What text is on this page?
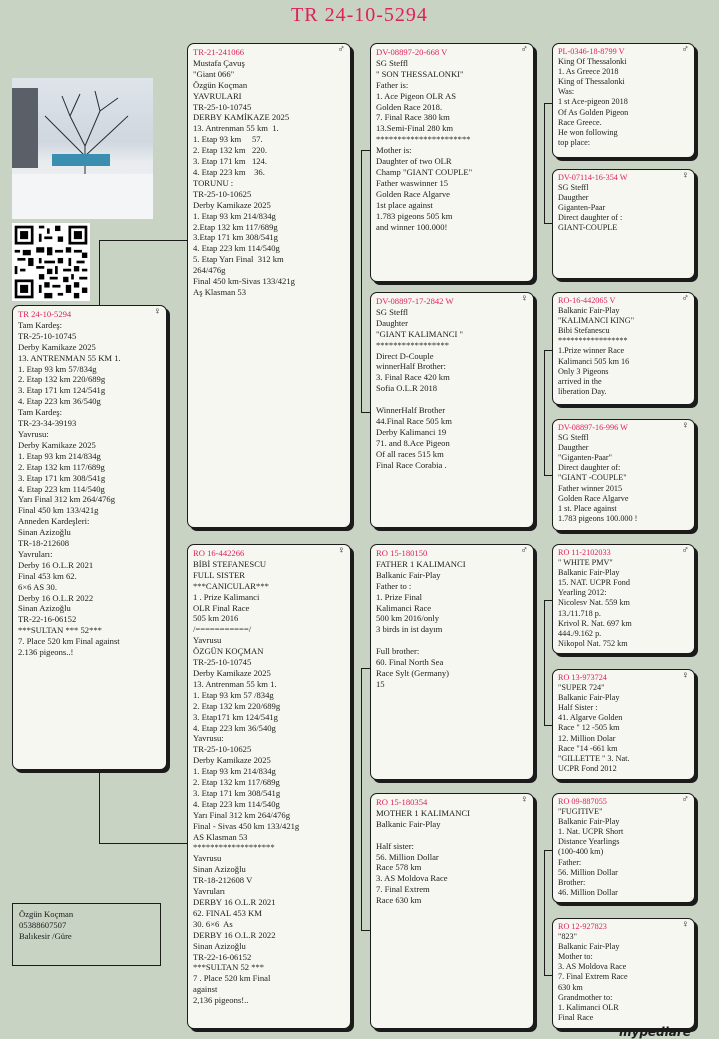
TR 24-10-5294
TR 24-10-5294	♀
Tam Kardeş:
TR-25-10-10745
Derby Kamikaze 2025
13. ANTRENMAN 55 KM 1.
1. Etap 93 km 57/834g
2. Etap 132 km 220/689g
3. Etap 171 km 124/541g
4. Etap 223 km 36/540g
Tam Kardeş:
TR-23-34-39193
Yavrusu:
Derby Kamikaze 2025
1. Etap 93 km 214/834g
2. Etap 132 km 117/689g
3. Etap 171 km 308/541g
4. Etap 223 km 114/540g
Yarı Final 312 km 264/476g
Final 450 km 133/421g
Anneden Kardeşleri:
Sinan Azizoğlu
TR-18-212608
Yavruları:
Derby 16 O.L.R 2021
Final 453 km 62.
6×6 AS 30.
Derby 16 O.L.R 2022
Sinan Azizoğlu
TR-22-16-06152
***SULTAN *** 52***
7. Place 520 km Final against
2.136 pigeons..!
TR-21-241066	♂
Mustafa Çavuş
"Giant 066"
Özgün Koçman
YAVRULARI
TR-25-10-10745
DERBY KAMİKAZE 2025
13. Antrenman 55 km  1.
1. Etap 93 km     57.
2. Etap 132 km   220.
3. Etap 171 km   124.
4. Etap 223 km    36.
TORUNU :
TR-25-10-10625
Derby Kamikaze 2025
1. Etap 93 km 214/834g
2.Etap 132 km 117/689g
3.Etap 171 km 308/541g
4. Etap 223 km 114/540g
5. Etap Yarı Final  312 km
264/476g
Final 450 km-Sivas 133/421g
Aş Klasman 53
RO 16-442266	♀
BİBİ STEFANESCU
FULL SISTER
***CANICULAR***
1 . Prize Kalimanci
OLR Final Race
505 km 2016
/===========/
Yavrusu
ÖZGÜN KOÇMAN
TR-25-10-10745
Derby Kamikaze 2025
13. Antrenman 55 km 1.
1. Etap 93 km 57 /834g
2. Etap 132 km 220/689g
3. Etap171 km 124/541g
4. Etap 223 km 36/540g
Yavrusu:
TR-25-10-10625
Derby Kamikaze 2025
1. Etap 93 km 214/834g
2. Etap 132 km 117/689g
3. Etap 171 km 308/541g
4. Etap 223 km 114/540g
Yarı Final 312 km 264/476g
Final - Sivas 450 km 133/421g
AS Klasman 53
*******************
Yavrusu
Sinan Azizoğlu
TR-18-212608 V
Yavruları
DERBY 16 O.L.R 2021
62. FINAL 453 KM
30. 6×6  As
DERBY 16 O.L.R 2022
Sinan Azizoğlu
TR-22-16-06152
***SULTAN 52 ***
7 . Place 520 km Final
against
2,136 pigeons!..
DV-08897-20-668 V	♂
SG Steffl
" SON THESSALONKI"
Father is:
1. Ace Pigeon OLR AS
Golden Race 2018.
7. Final Race 380 km
13.Semi-Final 280 km
**********************
Mother is:
Daughter of two OLR
Champ "GIANT COUPLE"
Father waswinner 15
Golden Race Algarve
1st place against
1.783 pigeons 505 km
and winner 100.000!
DV-08897-17-2842 W	♀
SG Steffl
Daughter
"GIANT KALIMANCI "
*****************
Direct D-Couple
winnerHalf Brother:
3. Final Race 420 km
Sofia O.L.R 2018

WinnerHalf Brother
44.Final Race 505 km
Derby Kalimanci 19
71. and 8.Ace Pigeon
Of all races 515 km
Final Race Corabia .
RO 15-180150	♂
FATHER 1 KALIMANCI
Balkanic Fair-Play
Father to :
1. Prize Final
Kalimanci Race
500 km 2016/only
3 birds in ist dayım

Full brother:
60. Final North Sea
Race Sylt (Germany)
15
RO 15-180354	♀
MOTHER 1 KALIMANCI
Balkanic Fair-Play

Half sister:
56. Million Dollar
Race 578 km
3. AS Moldova Race
7. Final Extrem
Race 630 km
PL-0346-18-8799 V	♂
King Of Thessalonki
1. As Greece 2018
King of Thessalonki
Was:
1 st Ace-pigeon 2018
Of As Golden Pigeon
Race Greece.
He won following
top place:
DV-07114-16-354 W	♀
SG Steffl
Daugther
Giganten-Paar
Direct daughter of :
GIANT-COUPLE
RO-16-442065 V	♂
Balkanic Fair-Play
"KALIMANCI KING"
Bibi Stefanescu
*****************
1.Prize winner Race
Kalimanci 505 km 16
Only 3 Pigeons
arrived in the
liberation Day.
DV-08897-16-996 W	♀
SG Steffl
Daugther
"Giganten-Paar"
Direct daughter of:
"GIANT -COUPLE"
Father winner 2015
Golden Race Algarve
1 st. Place against
1.783 pigeons 100.000 !
RO 11-2102033	♂
" WHITE PMV"
Balkanic Fair-Play
15. NAT. UCPR Fond
Yearling 2012:
Nicolesv Nat. 559 km
13./11.718 p.
Krivol R. Nat. 697 km
444./9.162 p.
Nikopol Nat. 752 km
RO 13-973724	♀
"SUPER 724"
Balkanic Fair-Play
Half Sister :
41. Algarve Golden
Race " 12 -505 km
12. Million Dolar
Race "14 -661 km
"GILLETTE " 3. Nat.
UCPR Fond 2012
RO 09-887055	♂
"FUGITIVE"
Balkanic Fair-Play
1. Nat. UCPR Short
Distance Yearlings
(100-400 km)
Father:
56. Million Dollar
Brother:
46. Million Dollar
RO 12-927823	♀
"823"
Balkanic Fair-Play
Mother to:
3. AS Moldova Race
7. Final Extrem Race
630 km
Grandmother to:
1. Kalimanci OLR
Final Race
Özgün Koçman
05388607507
Balıkesir /Güre
mypediare
